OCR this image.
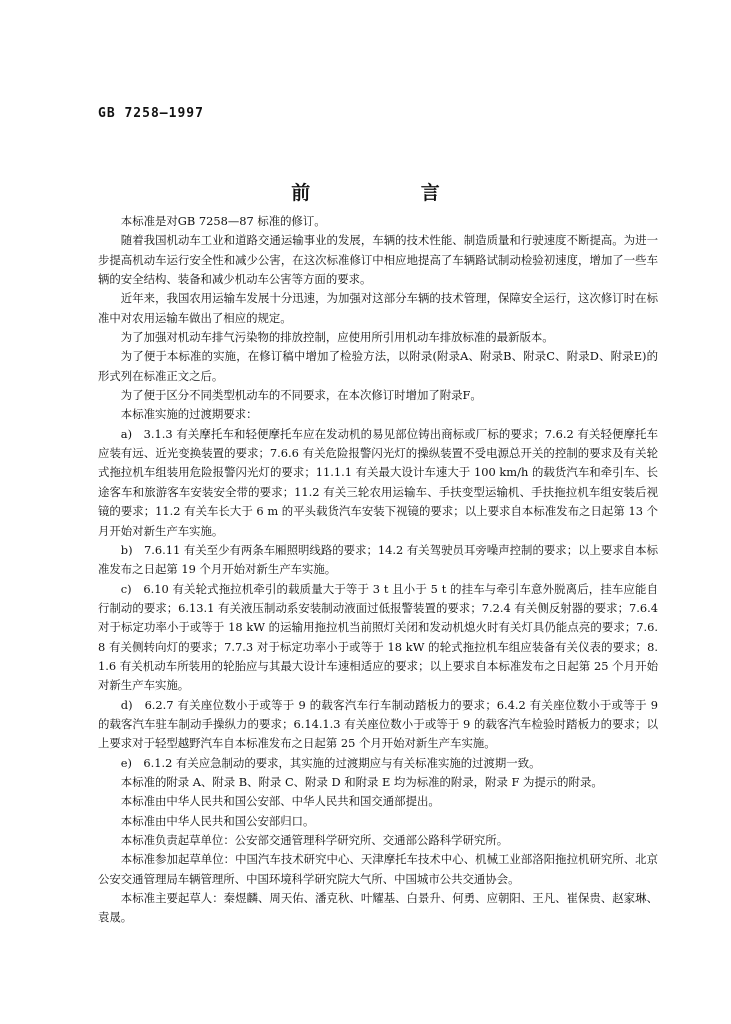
GB 7258—1997
前 言

本标准是对GB 7258—87 标准的修订。

随着我国机动车工业和道路交通运输事业的发展，车辆的技术性能、制造质量和行驶速度不断提高。为进一步提高机动车运行安全性和减少公害，在这次标准修订中相应地提高了车辆路试制动检验初速度，增加了一些车辆的安全结构、装备和减少机动车公害等方面的要求。

近年来，我国农用运输车发展十分迅速，为加强对这部分车辆的技术管理，保障安全运行，这次修订时在标准中对农用运输车做出了相应的规定。

为了加强对机动车排气污染物的排放控制，应使用所引用机动车排放标准的最新版本。

为了便于本标准的实施，在修订稿中增加了检验方法，以附录(附录A、附录B、附录C、附录D、附录E)的形式列在标准正文之后。

为了便于区分不同类型机动车的不同要求，在本次修订时增加了附录F。

本标准实施的过渡期要求：

a)　3.1.3 有关摩托车和轻便摩托车应在发动机的易见部位铸出商标或厂标的要求；7.6.2 有关轻便摩托车应装有远、近光变换装置的要求；7.6.6 有关危险报警闪光灯的操纵装置不受电源总开关的控制的要求及有关轮式拖拉机车组装用危险报警闪光灯的要求；11.1.1 有关最大设计车速大于 100 km/h 的载货汽车和牵引车、长途客车和旅游客车安装安全带的要求；11.2 有关三轮农用运输车、手扶变型运输机、手扶拖拉机车组安装后视镜的要求；11.2 有关车长大于 6 m 的平头载货汽车安装下视镜的要求；以上要求自本标准发布之日起第 13 个月开始对新生产车实施。

b)　7.6.11 有关至少有两条车厢照明线路的要求；14.2 有关驾驶员耳旁噪声控制的要求；以上要求自本标准发布之日起第 19 个月开始对新生产车实施。

c)　6.10 有关轮式拖拉机牵引的载质量大于等于 3 t 且小于 5 t 的挂车与牵引车意外脱离后，挂车应能自行制动的要求；6.13.1 有关液压制动系安装制动液面过低报警装置的要求；7.2.4 有关侧反射器的要求；7.6.4 对于标定功率小于或等于 18 kW 的运输用拖拉机当前照灯关闭和发动机熄火时有关灯具仍能点亮的要求；7.6.8 有关侧转向灯的要求；7.7.3 对于标定功率小于或等于 18 kW 的轮式拖拉机车组应装备有关仪表的要求；8.1.6 有关机动车所装用的轮胎应与其最大设计车速相适应的要求；以上要求自本标准发布之日起第 25 个月开始对新生产车实施。

d)　6.2.7 有关座位数小于或等于 9 的载客汽车行车制动踏板力的要求；6.4.2 有关座位数小于或等于 9 的载客汽车驻车制动手操纵力的要求；6.14.1.3 有关座位数小于或等于 9 的载客汽车检验时踏板力的要求；以上要求对于轻型越野汽车自本标准发布之日起第 25 个月开始对新生产车实施。

e)　6.1.2 有关应急制动的要求，其实施的过渡期应与有关标准实施的过渡期一致。

本标准的附录 A、附录 B、附录 C、附录 D 和附录 E 均为标准的附录，附录 F 为提示的附录。

本标准由中华人民共和国公安部、中华人民共和国交通部提出。

本标准由中华人民共和国公安部归口。

本标准负责起草单位：公安部交通管理科学研究所、交通部公路科学研究所。

本标准参加起草单位：中国汽车技术研究中心、天津摩托车技术中心、机械工业部洛阳拖拉机研究所、北京公安交通管理局车辆管理所、中国环境科学研究院大气所、中国城市公共交通协会。

本标准主要起草人：秦煜麟、周天佑、潘克秋、叶耀基、白景升、何勇、应朝阳、王凡、崔保贵、赵家琳、袁晟。
